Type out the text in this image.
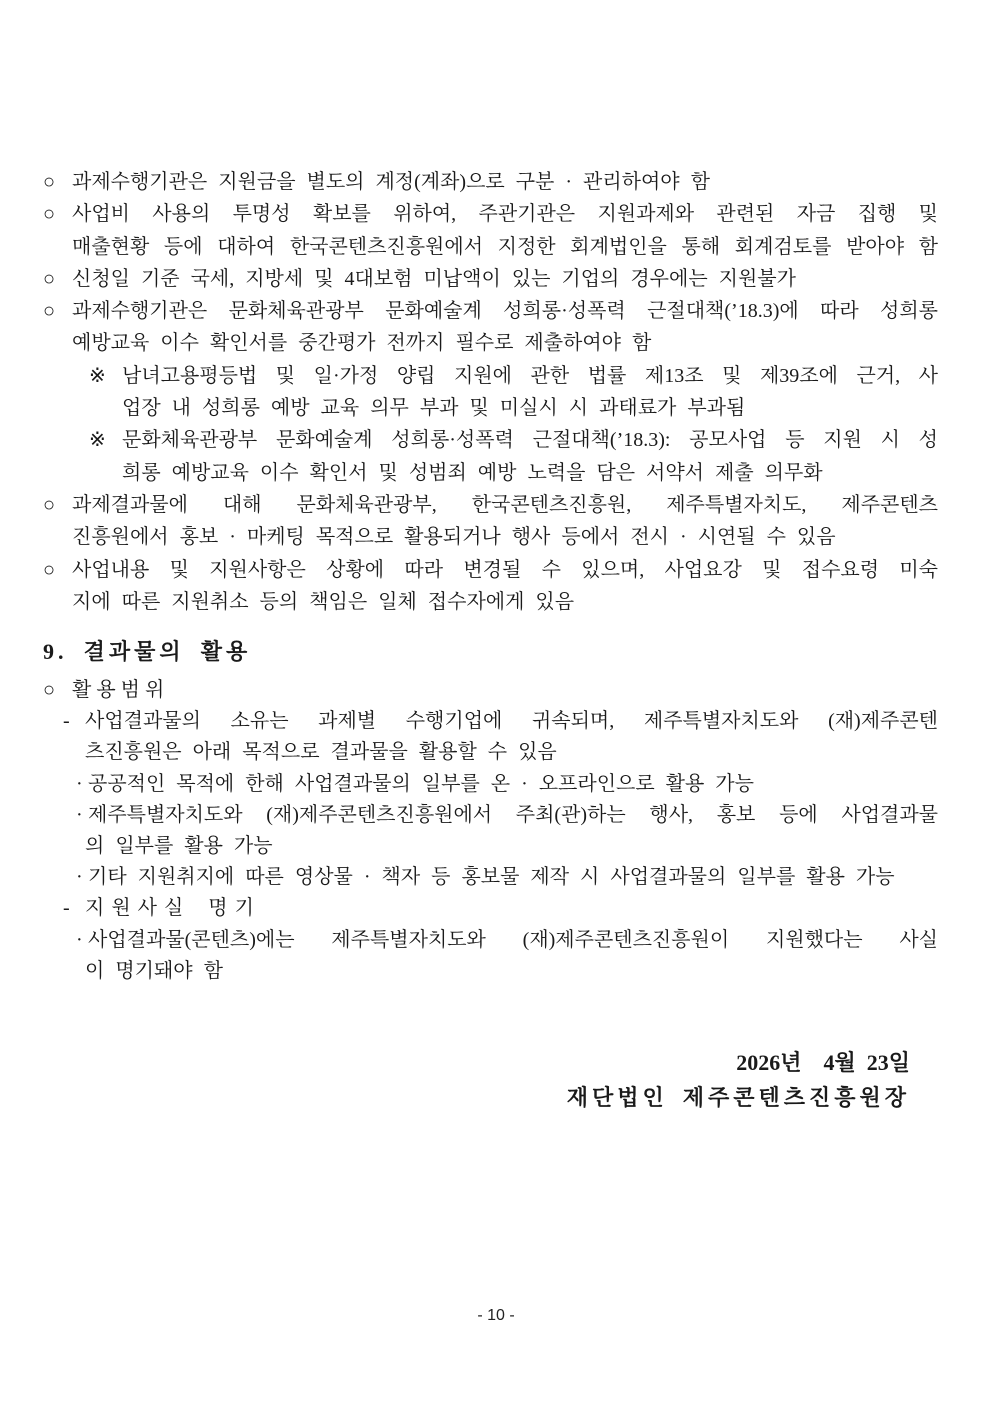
○ 과제수행기관은 지원금을 별도의 계정(계좌)으로 구분 · 관리하여야 함
○ 사업비 사용의 투명성 확보를 위하여, 주관기관은 지원과제와 관련된 자금 집행 및
매출현황 등에 대하여 한국콘텐츠진흥원에서 지정한 회계법인을 통해 회계검토를 받아야 함
○ 신청일 기준 국세, 지방세 및 4대보험 미납액이 있는 기업의 경우에는 지원불가
○ 과제수행기관은 문화체육관광부 문화예술계 성희롱·성폭력 근절대책(’18.3)에 따라 성희롱
예방교육 이수 확인서를 중간평가 전까지 필수로 제출하여야 함
※ 남녀고용평등법 및 일·가정 양립 지원에 관한 법률 제13조 및 제39조에 근거, 사
업장 내 성희롱 예방 교육 의무 부과 및 미실시 시 과태료가 부과됨
※ 문화체육관광부 문화예술계 성희롱·성폭력 근절대책(’18.3): 공모사업 등 지원 시 성
희롱 예방교육 이수 확인서 및 성범죄 예방 노력을 담은 서약서 제출 의무화
○ 과제결과물에 대해 문화체육관광부, 한국콘텐츠진흥원, 제주특별자치도, 제주콘텐츠
진흥원에서 홍보 · 마케팅 목적으로 활용되거나 행사 등에서 전시 · 시연될 수 있음
○ 사업내용 및 지원사항은 상황에 따라 변경될 수 있으며, 사업요강 및 접수요령 미숙
지에 따른 지원취소 등의 책임은 일체 접수자에게 있음
9. 결과물의 활용
○ 활용범위
- 사업결과물의 소유는 과제별 수행기업에 귀속되며, 제주특별자치도와 (재)제주콘텐
츠진흥원은 아래 목적으로 결과물을 활용할 수 있음
· 공공적인 목적에 한해 사업결과물의 일부를 온 · 오프라인으로 활용 가능
· 제주특별자치도와 (재)제주콘텐츠진흥원에서 주최(관)하는 행사, 홍보 등에 사업결과물
의 일부를 활용 가능
· 기타 지원취지에 따른 영상물 · 책자 등 홍보물 제작 시 사업결과물의 일부를 활용 가능
- 지원사실 명기
· 사업결과물(콘텐츠)에는 제주특별자치도와 (재)제주콘텐츠진흥원이 지원했다는 사실
이 명기돼야 함
2026년  4월 23일
재단법인 제주콘텐츠진흥원장
- 10 -
